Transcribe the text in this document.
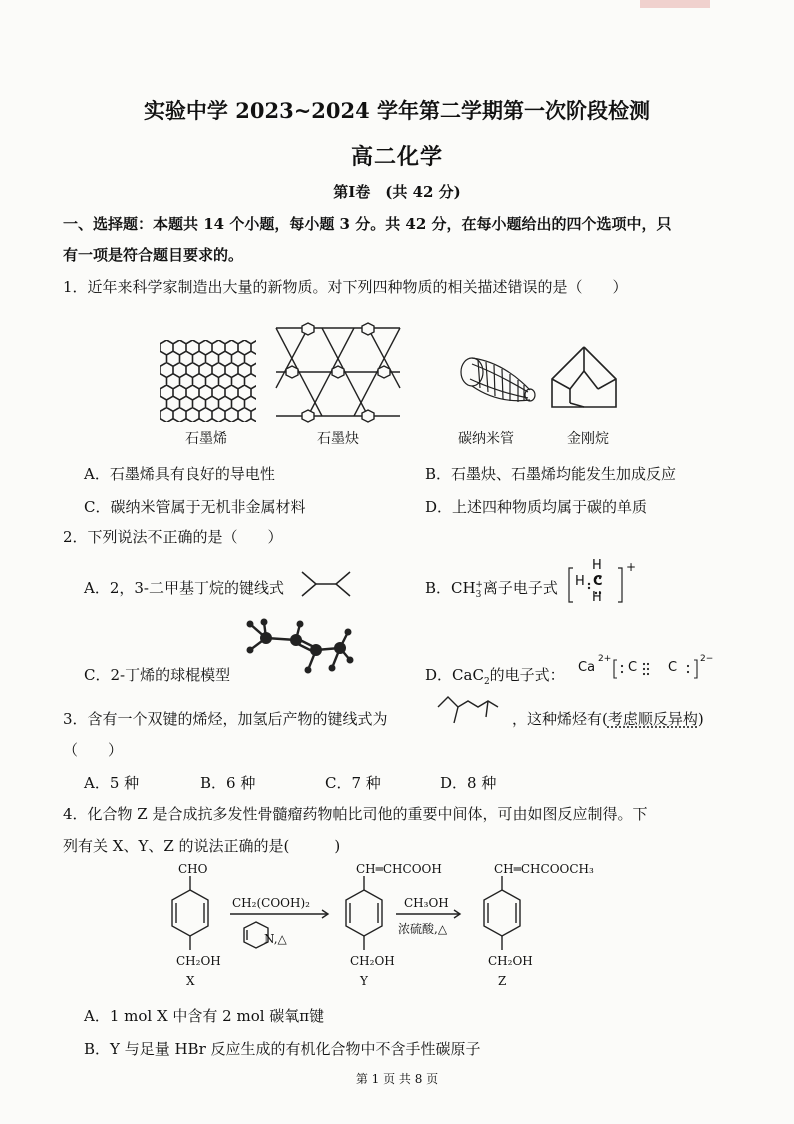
实验中学 2023~2024 学年第二学期第一次阶段检测
高二化学
第Ⅰ卷　(共 42 分)
一、选择题：本题共 14 个小题，每小题 3 分。共 42 分，在每小题给出的四个选项中，只
有一项是符合题目要求的。
1．近年来科学家制造出大量的新物质。对下列四种物质的相关描述错误的是（　　）
石墨烯	石墨炔	碳纳米管	金刚烷
A．石墨烯具有良好的导电性	B．石墨炔、石墨烯均能发生加成反应
C．碳纳米管属于无机非金属材料	D．上述四种物质均属于碳的单质
2．下列说法不正确的是（　　）
A．2，3-二甲基丁烷的键线式	B．$CH_3^+$离子电子式
H
H C
H
+
C．2-丁烯的球棍模型	D．CaC$_2$的电子式： Ca
2+
C C
2−
3．含有一个双键的烯烃，加氢后产物的键线式为	，这种烯烃有(考虑顺反异构)
（　　）
A．5 种	B．6 种	C．7 种	D．8 种
4．化合物 Z 是合成抗多发性骨髓瘤药物帕比司他的重要中间体，可由如图反应制得。下
列有关 X、Y、Z 的说法正确的是(　　　)
CHO
CH₂OH
X
CH₂(COOH)₂
N,△
CH═CHCOOH
CH₂OH
Y
CH₃OH
浓硫酸,△
CH═CHCOOCH₃
CH₂OH
Z
A．1 mol X 中含有 2 mol 碳氧π键
B．Y 与足量 HBr 反应生成的有机化合物中不含手性碳原子
第 1 页 共 8 页
